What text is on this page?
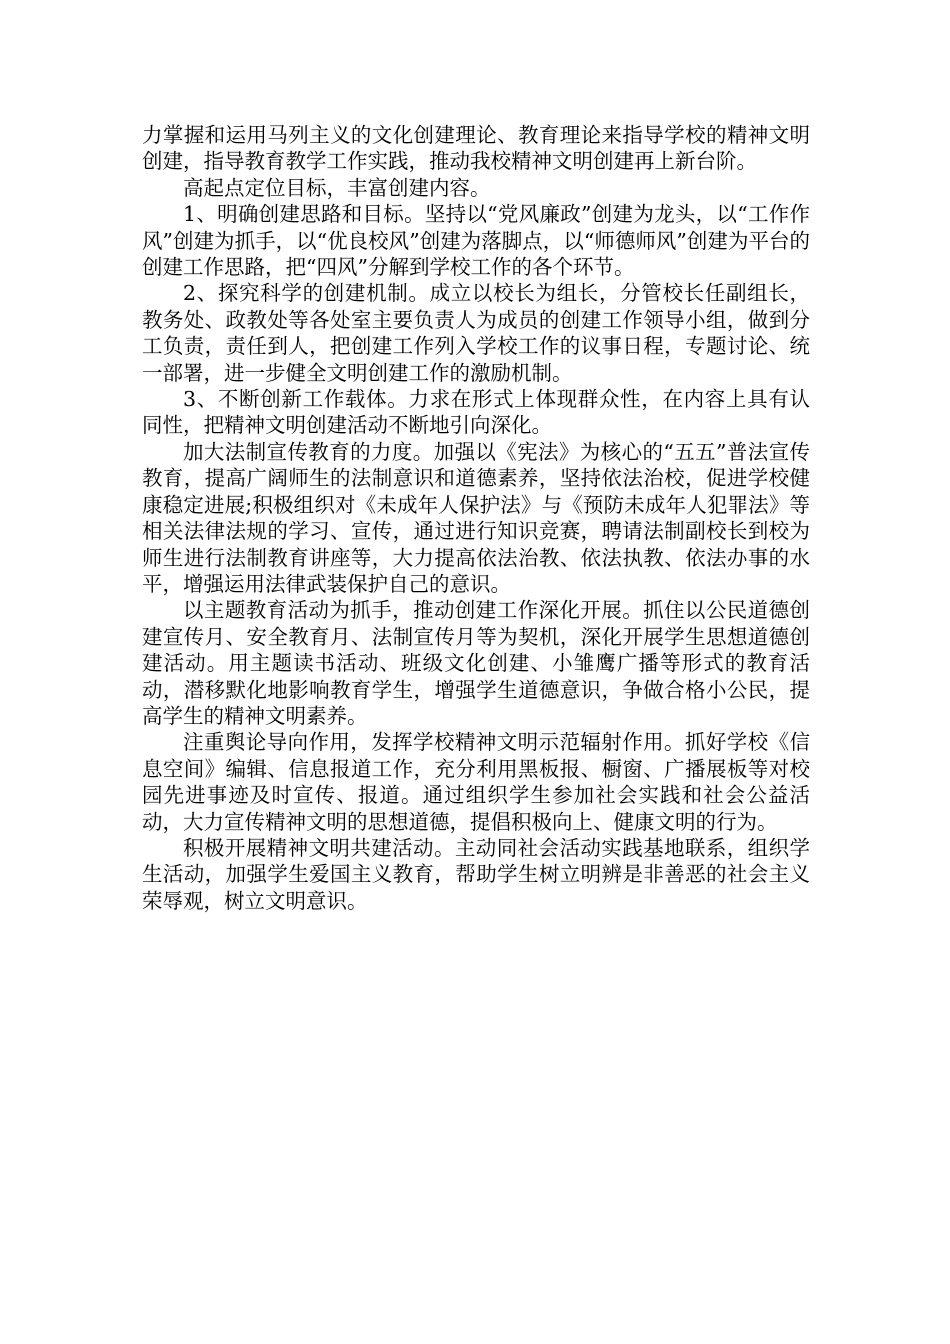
力掌握和运用马列主义的文化创建理论、教育理论来指导学校的精神文明创建，指导教育教学工作实践，推动我校精神文明创建再上新台阶。

高起点定位目标，丰富创建内容。

1、明确创建思路和目标。坚持以“党风廉政”创建为龙头，以“工作作风”创建为抓手，以“优良校风”创建为落脚点，以“师德师风”创建为平台的创建工作思路，把“四风”分解到学校工作的各个环节。

2、探究科学的创建机制。成立以校长为组长，分管校长任副组长，教务处、政教处等各处室主要负责人为成员的创建工作领导小组，做到分工负责，责任到人，把创建工作列入学校工作的议事日程，专题讨论、统一部署，进一步健全文明创建工作的激励机制。

3、不断创新工作载体。力求在形式上体现群众性，在内容上具有认同性，把精神文明创建活动不断地引向深化。

加大法制宣传教育的力度。加强以《宪法》为核心的“五五”普法宣传教育，提高广阔师生的法制意识和道德素养，坚持依法治校，促进学校健康稳定进展;积极组织对《未成年人保护法》与《预防未成年人犯罪法》等相关法律法规的学习、宣传，通过进行知识竞赛，聘请法制副校长到校为师生进行法制教育讲座等，大力提高依法治教、依法执教、依法办事的水平，增强运用法律武装保护自己的意识。

以主题教育活动为抓手，推动创建工作深化开展。抓住以公民道德创建宣传月、安全教育月、法制宣传月等为契机，深化开展学生思想道德创建活动。用主题读书活动、班级文化创建、小雏鹰广播等形式的教育活动，潜移默化地影响教育学生，增强学生道德意识，争做合格小公民，提高学生的精神文明素养。

注重舆论导向作用，发挥学校精神文明示范辐射作用。抓好学校《信息空间》编辑、信息报道工作，充分利用黑板报、橱窗、广播展板等对校园先进事迹及时宣传、报道。通过组织学生参加社会实践和社会公益活动，大力宣传精神文明的思想道德，提倡积极向上、健康文明的行为。

积极开展精神文明共建活动。主动同社会活动实践基地联系，组织学生活动，加强学生爱国主义教育，帮助学生树立明辨是非善恶的社会主义荣辱观，树立文明意识。
